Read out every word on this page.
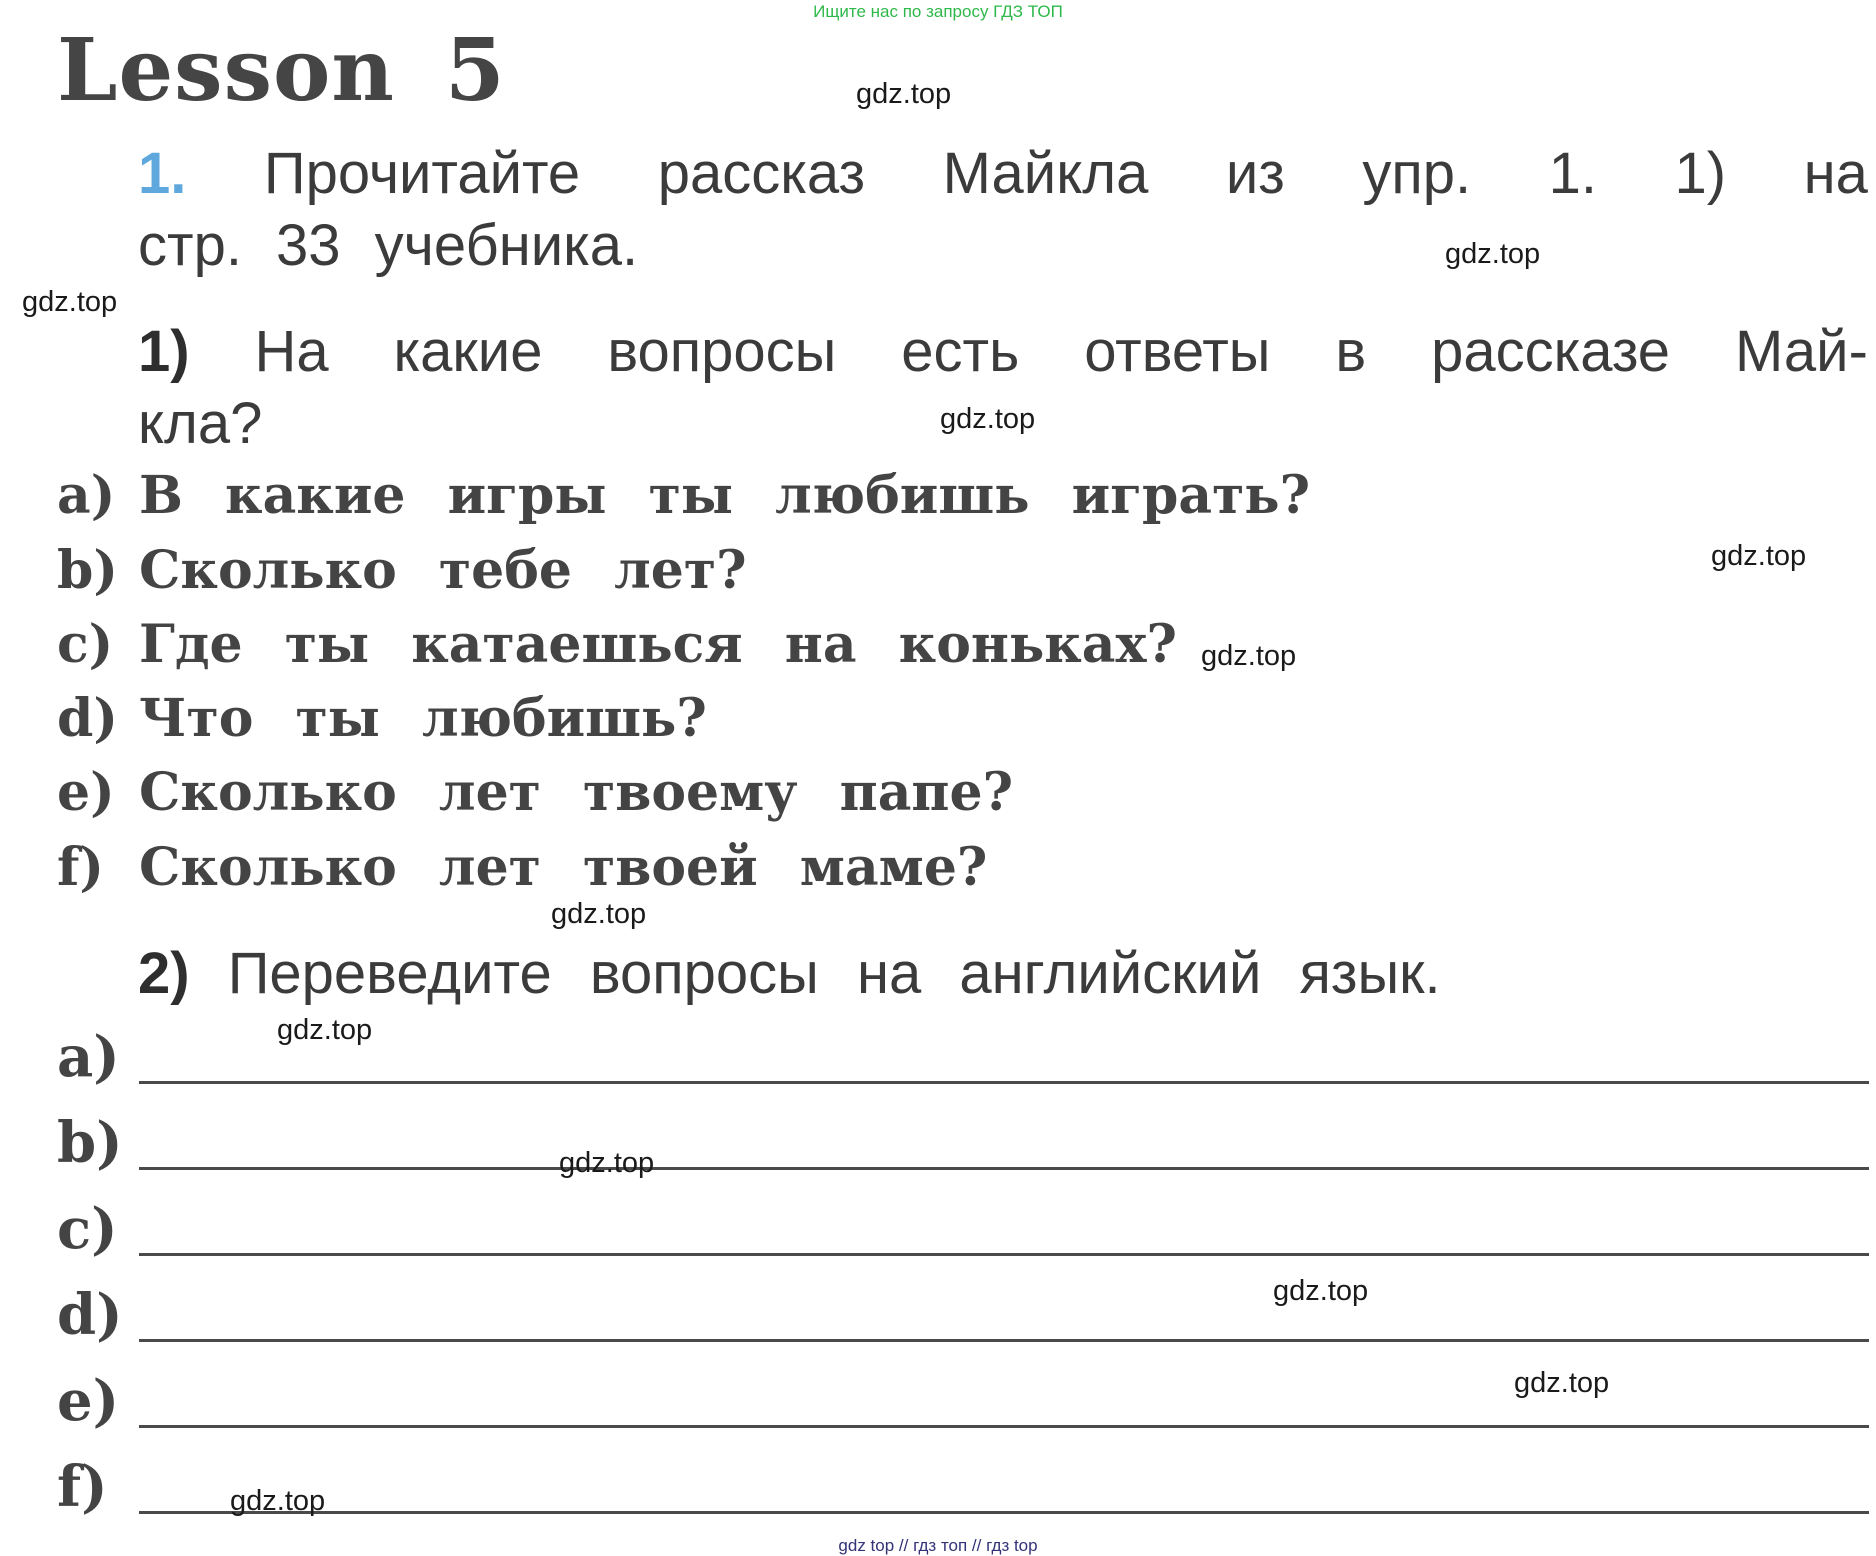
Ищите нас по запросу ГДЗ ТОП
Lesson 5
1. Прочитайте рассказ Майкла из упр. 1. 1) на
стр. 33 учебника.
1) На какие вопросы есть ответы в рассказе Май-
кла?
a) В какие игры ты любишь играть?
b) Сколько тебе лет?
c) Где ты катаешься на коньках?
d) Что ты любишь?
e) Сколько лет твоему папе?
f) Сколько лет твоей маме?
2) Переведите вопросы на английский язык.
a)
b)
c)
d)
e)
f)
gdz.top
gdz.top
gdz.top
gdz.top
gdz.top
gdz.top
gdz.top
gdz.top
gdz.top
gdz.top
gdz.top
gdz.top
gdz top // гдз топ // гдз top
